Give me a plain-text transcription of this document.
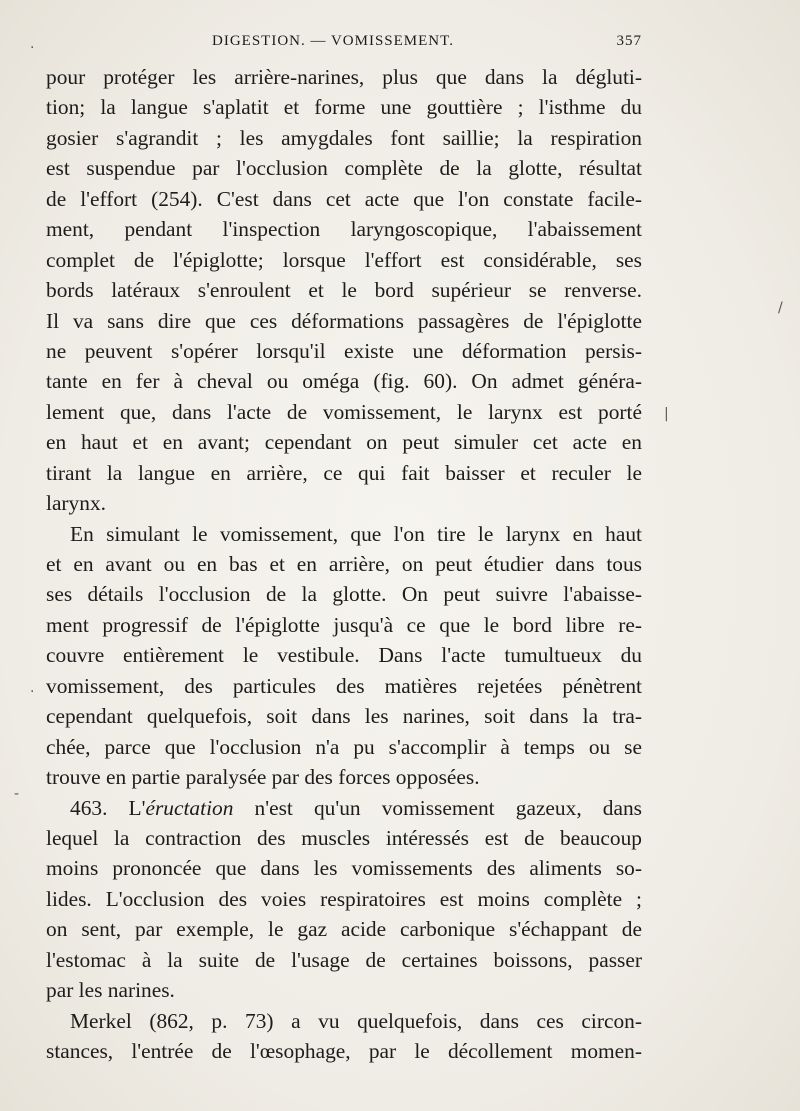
DIGESTION. — VOMISSEMENT.	357
pour protéger les arrière-narines, plus que dans la dégluti-
tion; la langue s'aplatit et forme une gouttière ; l'isthme du
gosier s'agrandit ; les amygdales font saillie; la respiration
est suspendue par l'occlusion complète de la glotte, résultat
de l'effort (254). C'est dans cet acte que l'on constate facile-
ment, pendant l'inspection laryngoscopique, l'abaissement
complet de l'épiglotte; lorsque l'effort est considérable, ses
bords latéraux s'enroulent et le bord supérieur se renverse.
Il va sans dire que ces déformations passagères de l'épiglotte
ne peuvent s'opérer lorsqu'il existe une déformation persis-
tante en fer à cheval ou oméga (fig. 60). On admet généra-
lement que, dans l'acte de vomissement, le larynx est porté
en haut et en avant; cependant on peut simuler cet acte en
tirant la langue en arrière, ce qui fait baisser et reculer le
larynx.
En simulant le vomissement, que l'on tire le larynx en haut
et en avant ou en bas et en arrière, on peut étudier dans tous
ses détails l'occlusion de la glotte. On peut suivre l'abaisse-
ment progressif de l'épiglotte jusqu'à ce que le bord libre re-
couvre entièrement le vestibule. Dans l'acte tumultueux du
vomissement, des particules des matières rejetées pénètrent
cependant quelquefois, soit dans les narines, soit dans la tra-
chée, parce que l'occlusion n'a pu s'accomplir à temps ou se
trouve en partie paralysée par des forces opposées.
463. L'éructation n'est qu'un vomissement gazeux, dans
lequel la contraction des muscles intéressés est de beaucoup
moins prononcée que dans les vomissements des aliments so-
lides. L'occlusion des voies respiratoires est moins complète ;
on sent, par exemple, le gaz acide carbonique s'échappant de
l'estomac à la suite de l'usage de certaines boissons, passer
par les narines.
Merkel (862, p. 73) a vu quelquefois, dans ces circon-
stances, l'entrée de l'œsophage, par le décollement momen-
·
·
-
|
/
